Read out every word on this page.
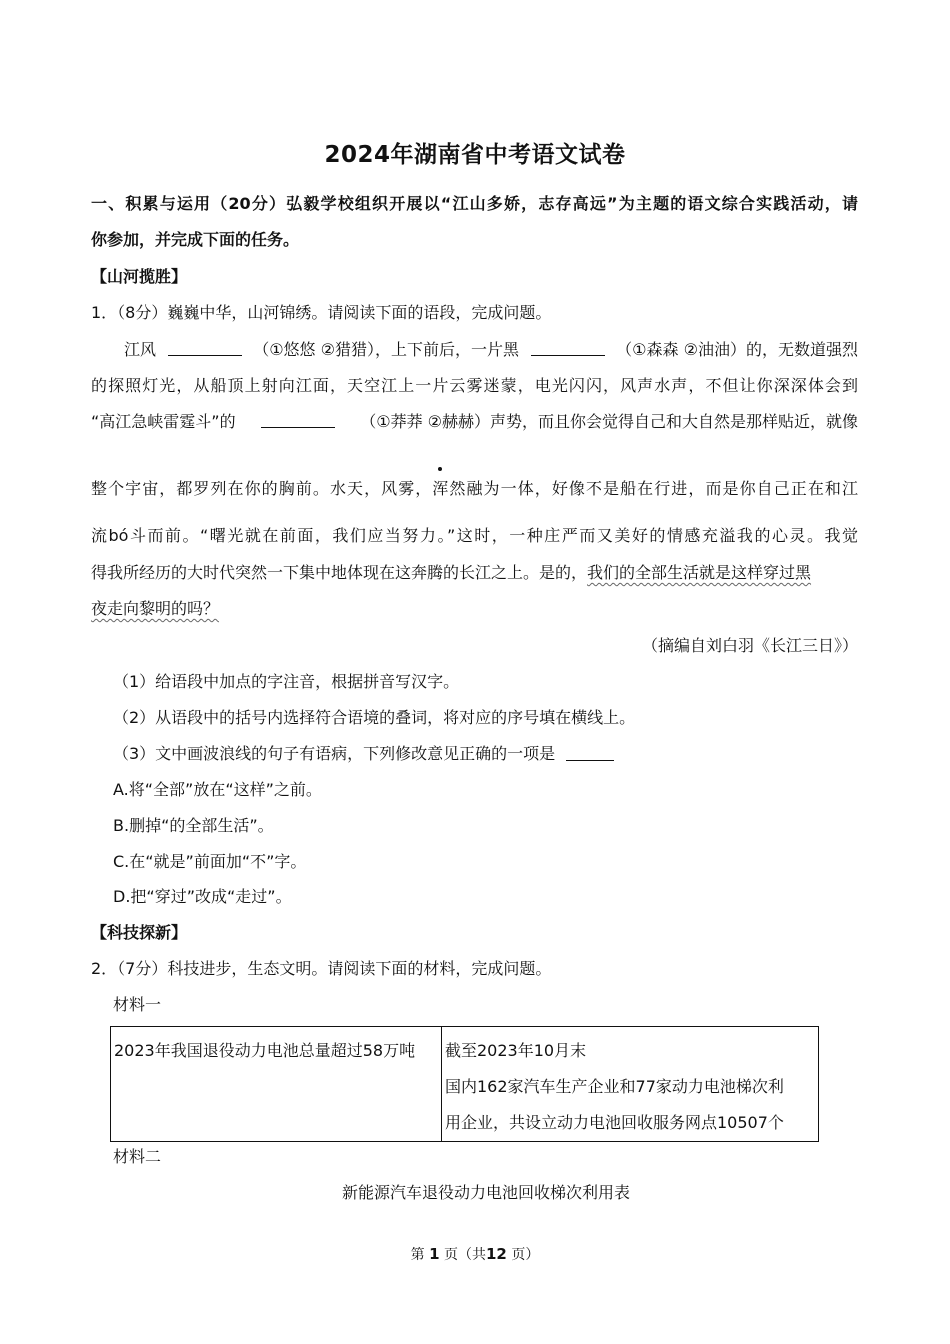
2024年湖南省中考语文试卷
一、积累与运用（20分）弘毅学校组织开展以“江山多娇，志存高远”为主题的语文综合实践活动，请
你参加，并完成下面的任务。
【山河揽胜】
1．（8分）巍巍中华，山河锦绣。请阅读下面的语段，完成问题。
江风	（①悠悠 ②猎猎），上下前后，一片黑	（①森森 ②油油）的，无数道强烈
的探照灯光，从船顶上射向江面，天空江上一片云雾迷蒙，电光闪闪，风声水声，不但让你深深体会到
“高江急峡雷霆斗”的	（①莽莽 ②赫赫）声势，而且你会觉得自己和大自然是那样贴近，就像
整个宇宙，都罗列在你的胸前。水天，风雾，浑然融为一体，好像不是船在行进，而是你自己正在和江
流bó斗而前。“曙光就在前面，我们应当努力。”这时，一种庄严而又美好的情感充溢我的心灵。我觉
得我所经历的大时代突然一下集中地体现在这奔腾的长江之上。是的， 我们的全部生活就是这样穿过黑
夜走向黎明的吗？
（摘编自刘白羽《长江三日》）
（1）给语段中加点的字注音，根据拼音写汉字。
（2）从语段中的括号内选择符合语境的叠词，将对应的序号填在横线上。
（3）文中画波浪线的句子有语病，下列修改意见正确的一项是
A.将“全部”放在“这样”之前。
B.删掉“的全部生活”。
C.在“就是”前面加“不”字。
D.把“穿过”改成“走过”。
【科技探新】
2．（7分）科技进步，生态文明。请阅读下面的材料，完成问题。
材料一
2023年我国退役动力电池总量超过58万吨	截至2023年10月末
国内162家汽车生产企业和77家动力电池梯次利
用企业，共设立动力电池回收服务网点10507个
材料二
新能源汽车退役动力电池回收梯次利用表
第 1 页（共12 页）
